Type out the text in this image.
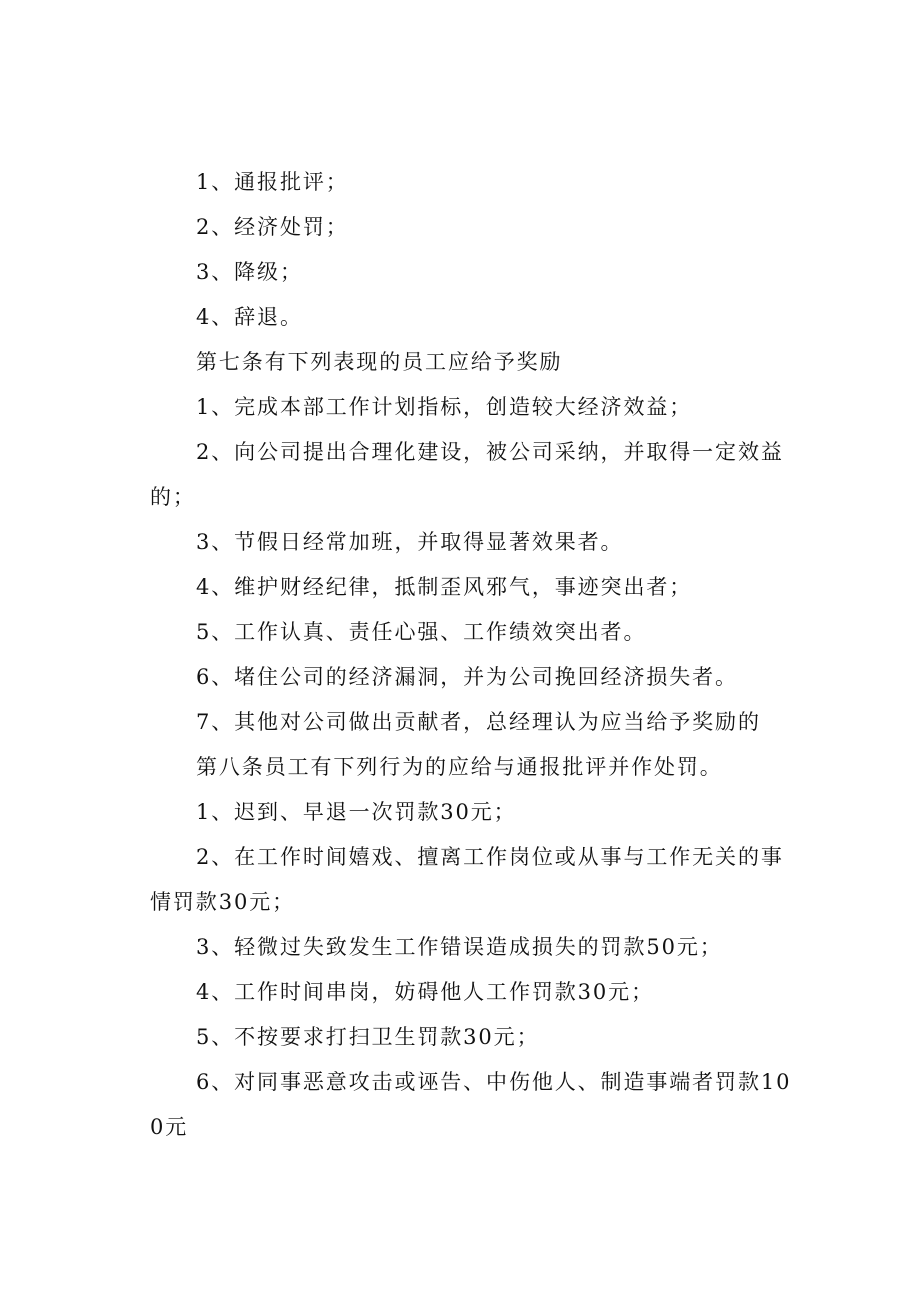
1、通报批评；

2、经济处罚；

3、降级；

4、辞退。

第七条有下列表现的员工应给予奖励

1、完成本部工作计划指标，创造较大经济效益；

2、向公司提出合理化建设，被公司采纳，并取得一定效益的；

3、节假日经常加班，并取得显著效果者。

4、维护财经纪律，抵制歪风邪气，事迹突出者；

5、工作认真、责任心强、工作绩效突出者。

6、堵住公司的经济漏洞，并为公司挽回经济损失者。

7、其他对公司做出贡献者，总经理认为应当给予奖励的

第八条员工有下列行为的应给与通报批评并作处罚。

1、迟到、早退一次罚款30元；

2、在工作时间嬉戏、擅离工作岗位或从事与工作无关的事情罚款30元；

3、轻微过失致发生工作错误造成损失的罚款50元；

4、工作时间串岗，妨碍他人工作罚款30元；

5、不按要求打扫卫生罚款30元；

6、对同事恶意攻击或诬告、中伤他人、制造事端者罚款100元
